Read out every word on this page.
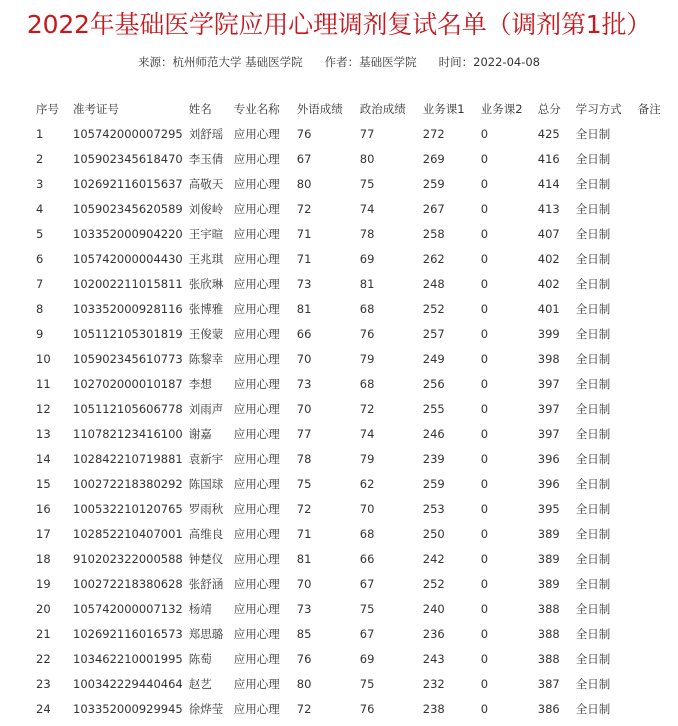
2022年基础医学院应用心理调剂复试名单（调剂第1批）
来源：杭州师范大学 基础医学院 作者：基础医学院 时间：2022-04-08
序号	准考证号	姓名	专业名称	外语成绩	政治成绩	业务课1	业务课2	总分	学习方式	备注
1	105742000007295	刘舒瑶	应用心理	76	77	272	0	425	全日制	
2	105902345618470	李玉倩	应用心理	67	80	269	0	416	全日制	
3	102692116015637	高敬天	应用心理	80	75	259	0	414	全日制	
4	105902345620589	刘俊岭	应用心理	72	74	267	0	413	全日制	
5	103352000904220	王宇暄	应用心理	71	78	258	0	407	全日制	
6	105742000004430	王兆琪	应用心理	71	69	262	0	402	全日制	
7	102002211015811	张欣琳	应用心理	73	81	248	0	402	全日制	
8	103352000928116	张博雅	应用心理	81	68	252	0	401	全日制	
9	105112105301819	王俊蒙	应用心理	66	76	257	0	399	全日制	
10	105902345610773	陈黎幸	应用心理	70	79	249	0	398	全日制	
11	102702000010187	李想	应用心理	73	68	256	0	397	全日制	
12	105112105606778	刘雨声	应用心理	70	72	255	0	397	全日制	
13	110782123416100	谢嘉	应用心理	77	74	246	0	397	全日制	
14	102842210719881	袁新宇	应用心理	78	79	239	0	396	全日制	
15	100272218380292	陈国球	应用心理	75	62	259	0	396	全日制	
16	100532210120765	罗雨秋	应用心理	72	70	253	0	395	全日制	
17	102852210407001	高维良	应用心理	71	68	250	0	389	全日制	
18	910202322000588	钟楚仪	应用心理	81	66	242	0	389	全日制	
19	100272218380628	张舒涵	应用心理	70	67	252	0	389	全日制	
20	105742000007132	杨靖	应用心理	73	75	240	0	388	全日制	
21	102692116016573	郑思璐	应用心理	85	67	236	0	388	全日制	
22	103462210001995	陈萄	应用心理	76	69	243	0	388	全日制	
23	100342229440464	赵艺	应用心理	80	75	232	0	387	全日制	
24	103352000929945	徐烨莹	应用心理	72	76	238	0	386	全日制	
